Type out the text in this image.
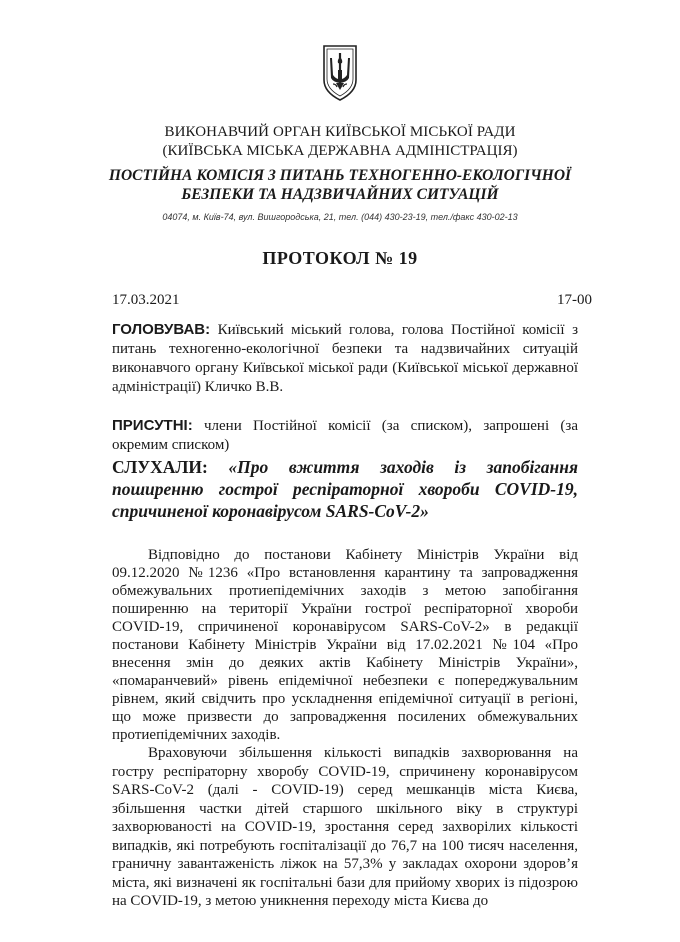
ВИКОНАВЧИЙ ОРГАН КИЇВСЬКОЇ МІСЬКОЇ РАДИ
(КИЇВСЬКА МІСЬКА ДЕРЖАВНА АДМІНІСТРАЦІЯ)
ПОСТІЙНА КОМІСІЯ З ПИТАНЬ ТЕХНОГЕННО-ЕКОЛОГІЧНОЇ
БЕЗПЕКИ ТА НАДЗВИЧАЙНИХ СИТУАЦІЙ
04074, м. Київ-74, вул. Вишгородська, 21, тел. (044) 430-23-19, тел./факс 430-02-13
ПРОТОКОЛ № 19
17.03.2021	17-00
ГОЛОВУВАВ: Київський міський голова, голова Постійної комісії з питань техногенно-екологічної безпеки та надзвичайних ситуацій виконавчого органу Київської міської ради (Київської міської державної адміністрації) Кличко В.В.
ПРИСУТНІ: члени Постійної комісії (за списком), запрошені (за окремим списком)
СЛУХАЛИ: «Про вжиття заходів із запобігання поширенню гострої респіраторної хвороби COVID-19, спричиненої коронавірусом SARS-CoV-2»
Відповідно до постанови Кабінету Міністрів України від 09.12.2020 №1236 «Про встановлення карантину та запровадження обмежувальних протиепідемічних заходів з метою запобігання поширенню на території України гострої респіраторної хвороби COVID-19, спричиненої коронавірусом SARS-CoV-2» в редакції постанови Кабінету Міністрів України від 17.02.2021 №104 «Про внесення змін до деяких актів Кабінету Міністрів України», «помаранчевий» рівень епідемічної небезпеки є попереджувальним рівнем, який свідчить про ускладнення епідемічної ситуації в регіоні, що може призвести до запровадження посилених обмежувальних протиепідемічних заходів.
Враховуючи збільшення кількості випадків захворювання на гостру респіраторну хворобу COVID-19, спричинену коронавірусом SARS-CoV-2 (далі - COVID-19) серед мешканців міста Києва, збільшення частки дітей старшого шкільного віку в структурі захворюваності на COVID-19, зростання серед захворілих кількості випадків, які потребують госпіталізації до 76,7 на 100 тисяч населення, граничну завантаженість ліжок на 57,3% у закладах охорони здоров’я міста, які визначені як госпітальні бази для прийому хворих із підозрою на COVID-19, з метою уникнення переходу міста Києва до
